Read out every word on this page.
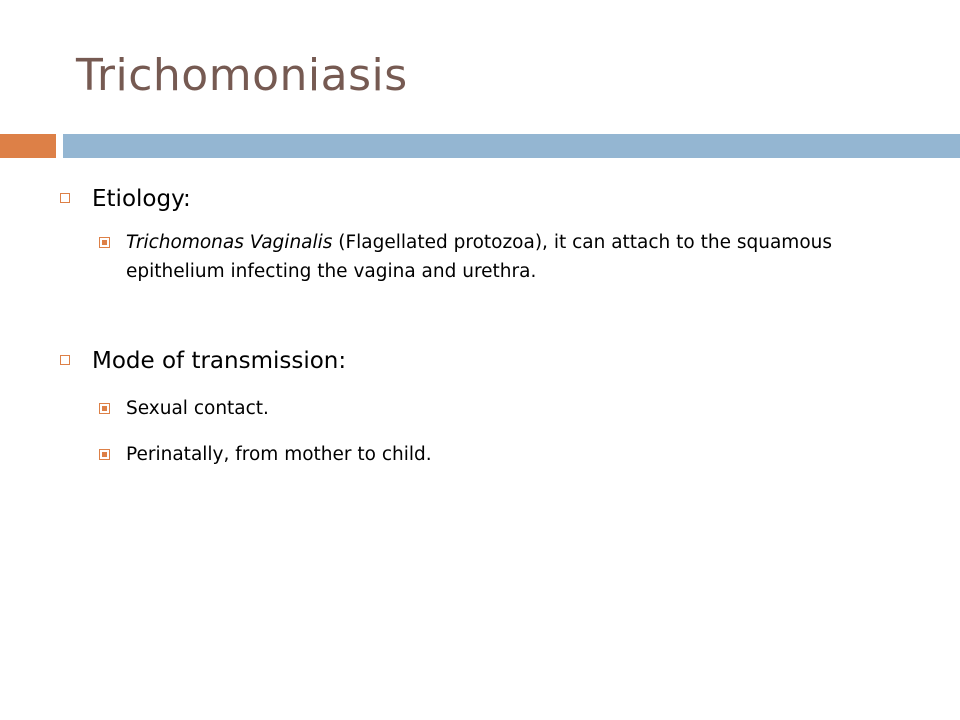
Trichomoniasis
Etiology:
Trichomonas Vaginalis (Flagellated protozoa), it can attach to the squamous epithelium infecting the vagina and urethra.
Mode of transmission:
Sexual contact.
Perinatally, from mother to child.
